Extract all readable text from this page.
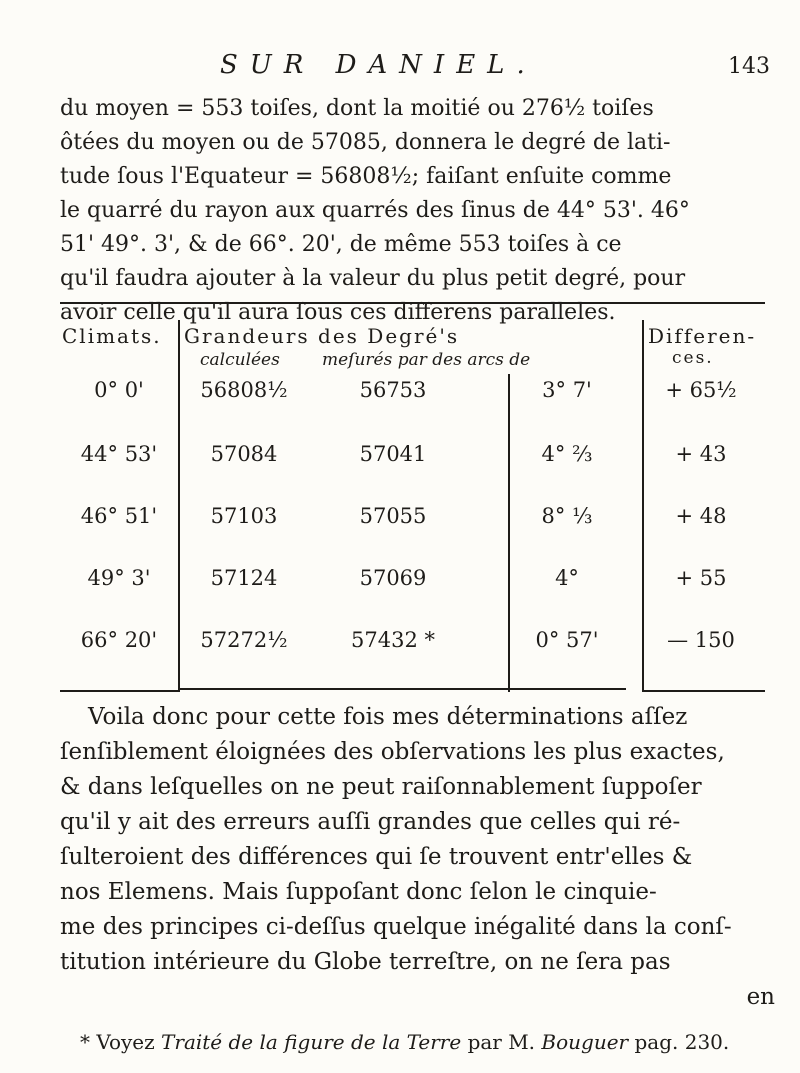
SUR DANIEL.	143

du moyen = 553 toiſes, dont la moitié ou 276½ toiſes
ôtées du moyen ou de 57085, donnera le degré de lati-
tude ſous l'Equateur = 56808½; faiſant enſuite comme
le quarré du rayon aux quarrés des ſinus de 44° 53'. 46°
51' 49°. 3', & de 66°. 20', de même 553 toiſes à ce
qu'il faudra ajouter à la valeur du plus petit degré, pour
avoir celle qu'il aura ſous ces differens paralleles.

Climats. Grandeurs des Degré's	Differen-
ces.
calculées meſurés par des arcs de
0° 0'	56808½	56753	3° 7'	+ 65½
44° 53'	57084	57041	4° ⅔	+ 43
46° 51'	57103	57055	8° ⅓	+ 48
49° 3'	57124	57069	4°	+ 55
66° 20'	57272½	57432 *	0° 57'	— 150

Voila donc pour cette fois mes déterminations aſſez
ſenſiblement éloignées des obſervations les plus exactes,
& dans leſquelles on ne peut raiſonnablement ſuppoſer
qu'il y ait des erreurs auſſi grandes que celles qui ré-
ſulteroient des différences qui ſe trouvent entr'elles &
nos Elemens. Mais ſuppoſant donc ſelon le cinquie-
me des principes ci-deſſus quelque inégalité dans la conſ-
titution intérieure du Globe terreſtre, on ne ſera pas
en

* Voyez Traité de la figure de la Terre par M. Bouguer pag. 230.
